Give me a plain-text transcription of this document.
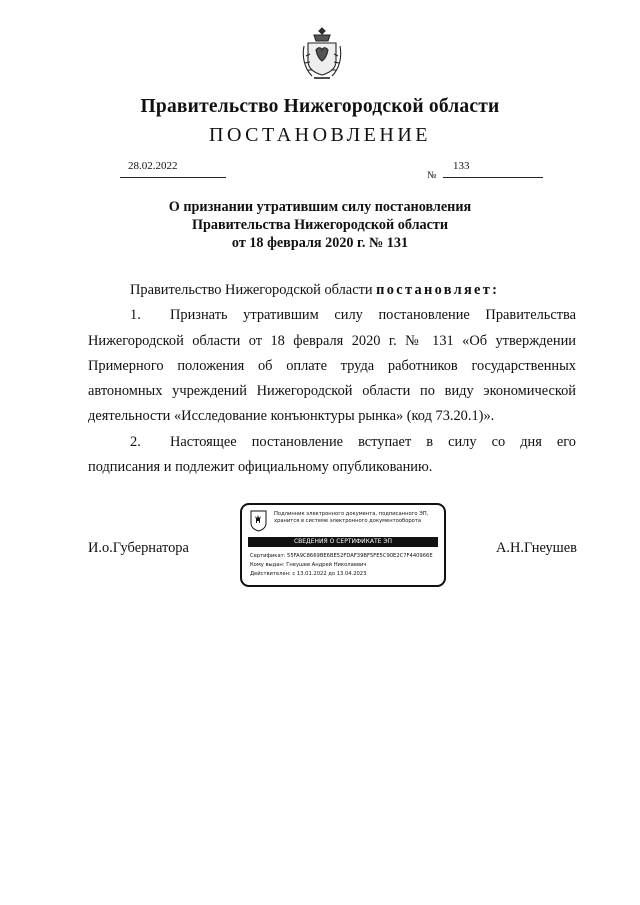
Правительство Нижегородской области
ПОСТАНОВЛЕНИЕ
28.02.2022
№
133
О признании утратившим силу постановления
Правительства Нижегородской области
от 18 февраля 2020 г. № 131
Правительство Нижегородской области постановляет:
1. Признать утратившим силу постановление Правительства
Нижегородской области от 18 февраля 2020 г. № 131 «Об утверждении
Примерного положения об оплате труда работников государственных
автономных учреждений Нижегородской области по виду экономической
деятельности «Исследование конъюнктуры рынка» (код 73.20.1)».
2. Настоящее постановление вступает в силу со дня его
подписания и подлежит официальному опубликованию.
И.о.Губернатора	А.Н.Гнеушев
Подлинник электронного документа, подписанного ЭП,
хранится в системе электронного документооборота
СВЕДЕНИЯ О СЕРТИФИКАТЕ ЭП
Сертификат: 55FA9C8669BE6BE52FDAF39BF5FE5C90E2C7F440966E
Кому выдан: Гнеушев Андрей Николаевич
Действителен: с 13.01.2022 до 13.04.2023
